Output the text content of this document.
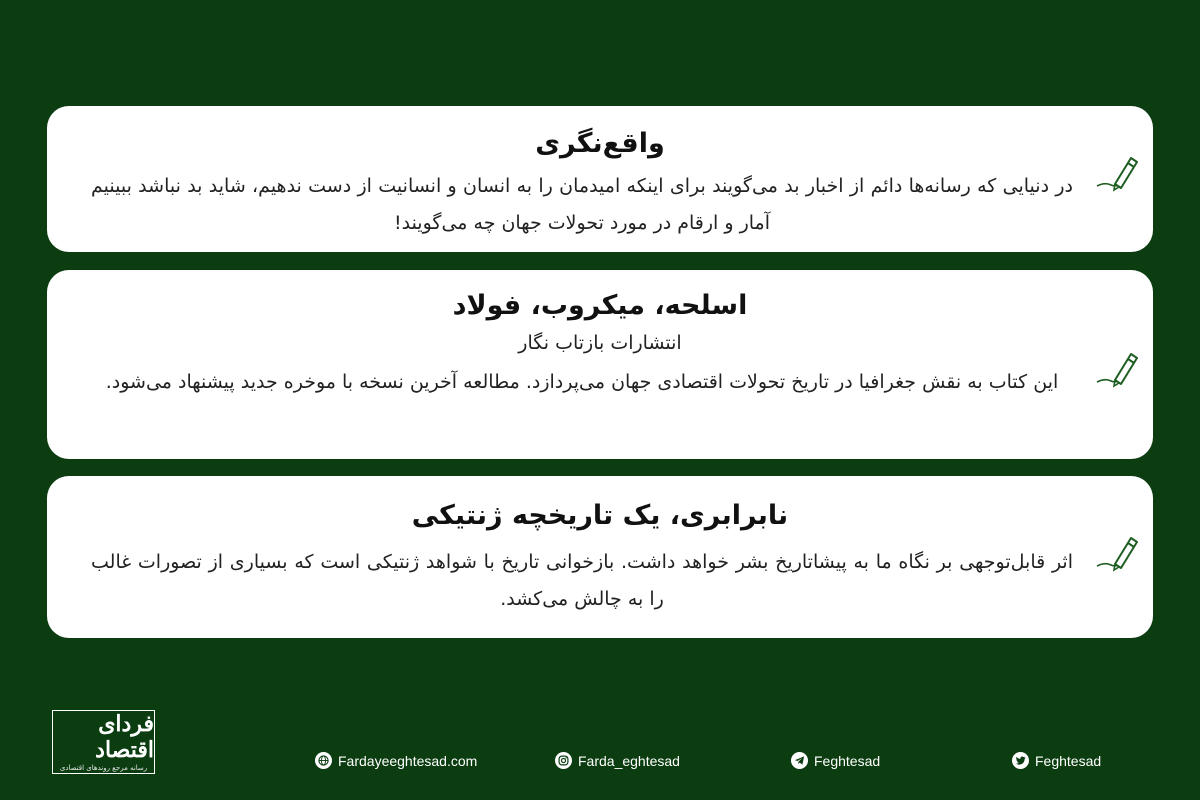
واقع‌نگری

در دنیایی که رسانه‌ها دائم از اخبار بد می‌گویند برای اینکه امیدمان را به انسان و انسانیت از دست ندهیم، شاید بد نباشد ببینیم آمار و ارقام در مورد تحولات جهان چه می‌گویند!

اسلحه، میکروب، فولاد

انتشارات بازتاب نگار

این کتاب به نقش جغرافیا در تاریخ تحولات اقتصادی جهان می‌پردازد. مطالعه آخرین نسخه با موخره جدید پیشنهاد می‌شود.

نابرابری، یک تاریخچه ژنتیکی

اثر قابل‌توجهی بر نگاه ما به پیشاتاریخ بشر خواهد داشت. بازخوانی تاریخ با شواهد ژنتیکی است که بسیاری از تصورات غالب را به چالش می‌کشد.

فردای اقتصاد
رسانه مرجع روندهای اقتصادی	Fardayeeghtesad.com	Farda_eghtesad	Feghtesad	Feghtesad
